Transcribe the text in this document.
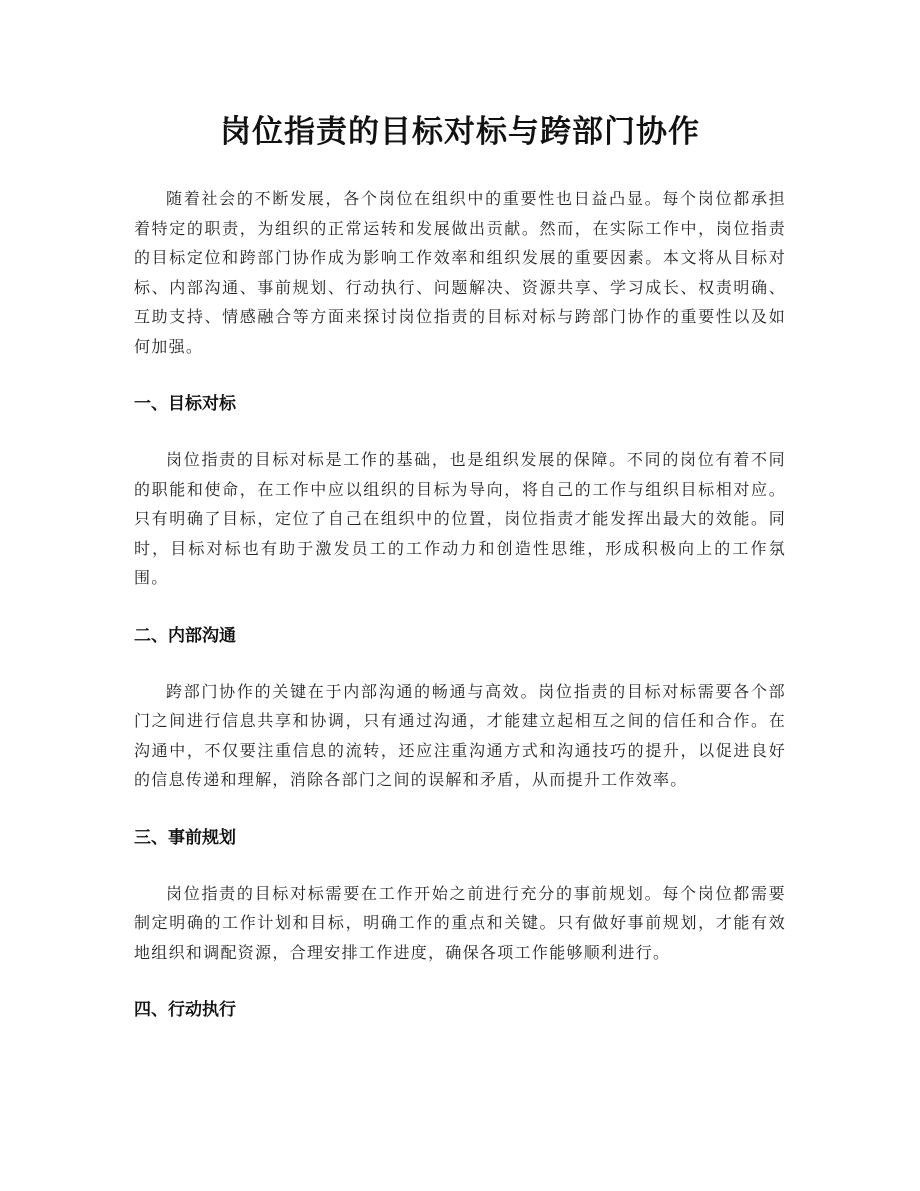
岗位指责的目标对标与跨部门协作

随着社会的不断发展，各个岗位在组织中的重要性也日益凸显。每个岗位都承担着特定的职责，为组织的正常运转和发展做出贡献。然而，在实际工作中，岗位指责的目标定位和跨部门协作成为影响工作效率和组织发展的重要因素。本文将从目标对标、内部沟通、事前规划、行动执行、问题解决、资源共享、学习成长、权责明确、互助支持、情感融合等方面来探讨岗位指责的目标对标与跨部门协作的重要性以及如何加强。

一、目标对标

岗位指责的目标对标是工作的基础，也是组织发展的保障。不同的岗位有着不同的职能和使命，在工作中应以组织的目标为导向，将自己的工作与组织目标相对应。只有明确了目标，定位了自己在组织中的位置，岗位指责才能发挥出最大的效能。同时，目标对标也有助于激发员工的工作动力和创造性思维，形成积极向上的工作氛围。

二、内部沟通

跨部门协作的关键在于内部沟通的畅通与高效。岗位指责的目标对标需要各个部门之间进行信息共享和协调，只有通过沟通，才能建立起相互之间的信任和合作。在沟通中，不仅要注重信息的流转，还应注重沟通方式和沟通技巧的提升，以促进良好的信息传递和理解，消除各部门之间的误解和矛盾，从而提升工作效率。

三、事前规划

岗位指责的目标对标需要在工作开始之前进行充分的事前规划。每个岗位都需要制定明确的工作计划和目标，明确工作的重点和关键。只有做好事前规划，才能有效地组织和调配资源，合理安排工作进度，确保各项工作能够顺利进行。

四、行动执行
